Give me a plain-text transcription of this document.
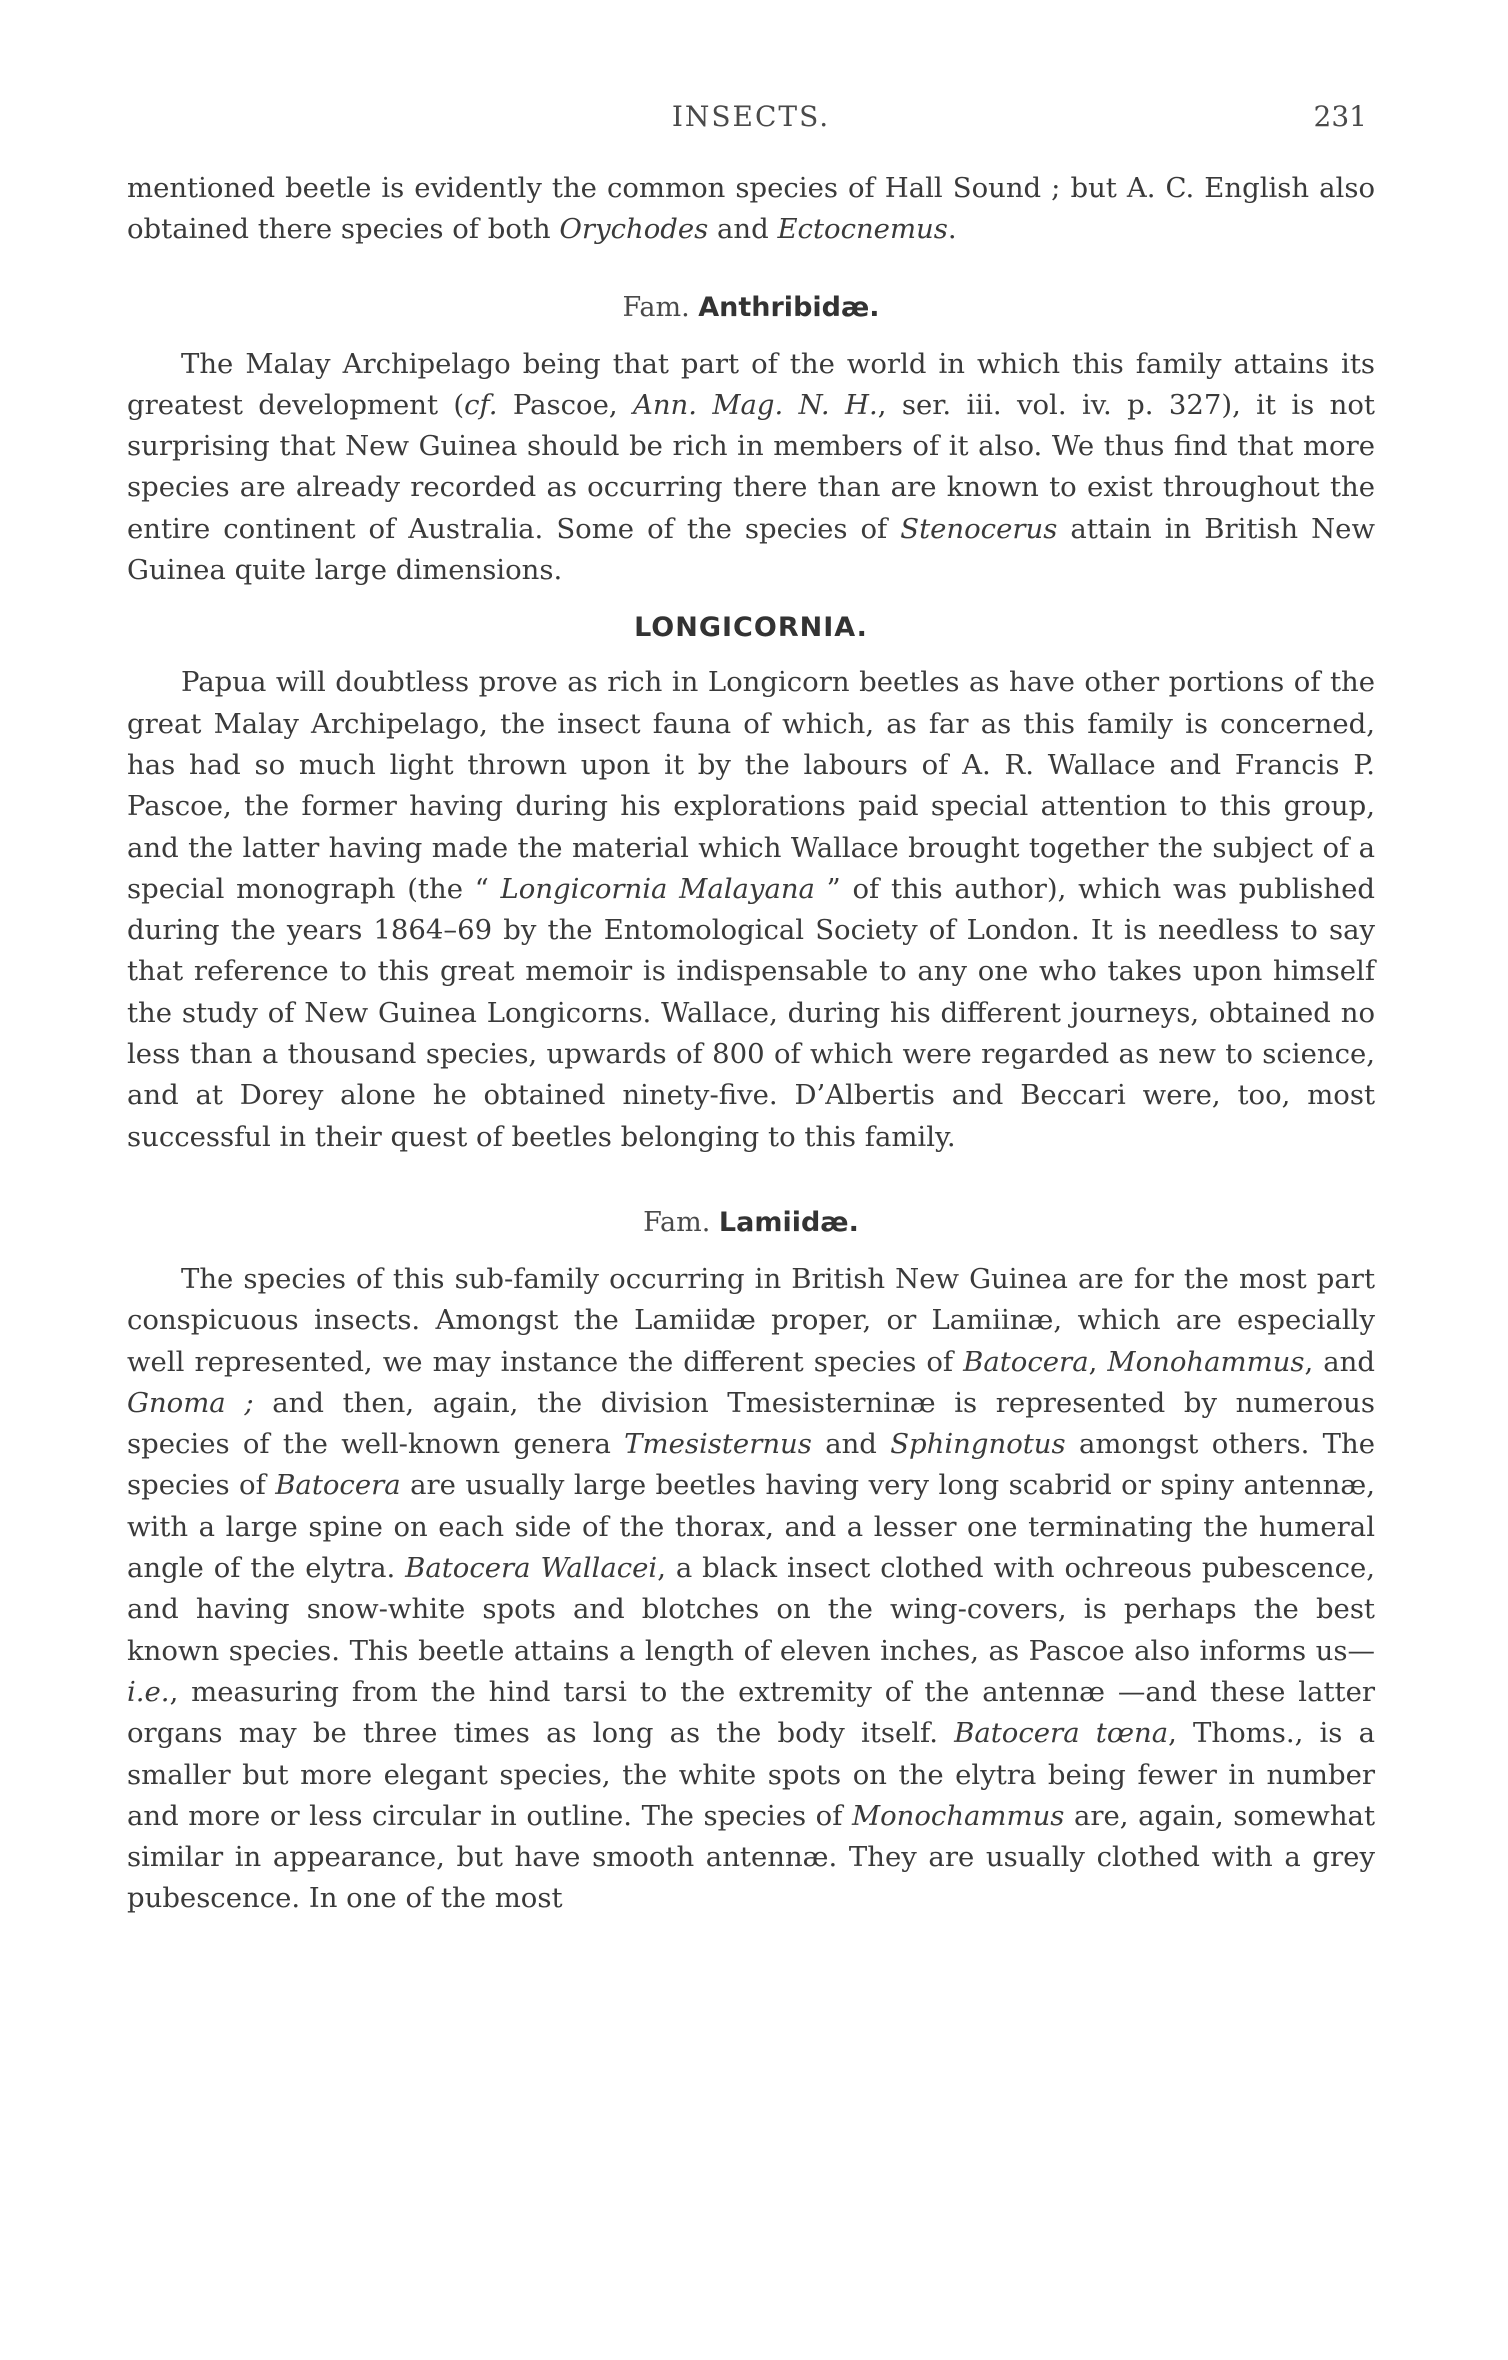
INSECTS.	231

mentioned beetle is evidently the common species of Hall Sound ; but A. C. English also obtained there species of both Orychodes and Ectocnemus.

Fam. Anthribidæ.

The Malay Archipelago being that part of the world in which this family attains its greatest development (cf. Pascoe, Ann. Mag. N. H., ser. iii. vol. iv. p. 327), it is not surprising that New Guinea should be rich in members of it also. We thus find that more species are already recorded as occurring there than are known to exist throughout the entire continent of Australia. Some of the species of Stenocerus attain in British New Guinea quite large dimensions.

LONGICORNIA.

Papua will doubtless prove as rich in Longicorn beetles as have other portions of the great Malay Archipelago, the insect fauna of which, as far as this family is concerned, has had so much light thrown upon it by the labours of A. R. Wallace and Francis P. Pascoe, the former having during his explorations paid special attention to this group, and the latter having made the material which Wallace brought together the subject of a special monograph (the “ Longicornia Malayana ” of this author), which was published during the years 1864–69 by the Entomological Society of London. It is needless to say that reference to this great memoir is indispensable to any one who takes upon himself the study of New Guinea Longicorns. Wallace, during his different journeys, obtained no less than a thousand species, upwards of 800 of which were regarded as new to science, and at Dorey alone he obtained ninety-five. D’Albertis and Beccari were, too, most successful in their quest of beetles belonging to this family.

Fam. Lamiidæ.

The species of this sub-family occurring in British New Guinea are for the most part conspicuous insects. Amongst the Lamiidæ proper, or Lamiinæ, which are especially well represented, we may instance the different species of Batocera, Monohammus, and Gnoma ; and then, again, the division Tmesisterninæ is represented by numerous species of the well-known genera Tmesisternus and Sphingnotus amongst others. The species of Batocera are usually large beetles having very long scabrid or spiny antennæ, with a large spine on each side of the thorax, and a lesser one terminating the humeral angle of the elytra. Batocera Wallacei, a black insect clothed with ochreous pubescence, and having snow-white spots and blotches on the wing-covers, is perhaps the best known species. This beetle attains a length of eleven inches, as Pascoe also informs us—i.e., measuring from the hind tarsi to the extremity of the antennæ —and these latter organs may be three times as long as the body itself. Batocera tœna, Thoms., is a smaller but more elegant species, the white spots on the elytra being fewer in number and more or less circular in outline. The species of Monochammus are, again, somewhat similar in appearance, but have smooth antennæ. They are usually clothed with a grey pubescence. In one of the most
